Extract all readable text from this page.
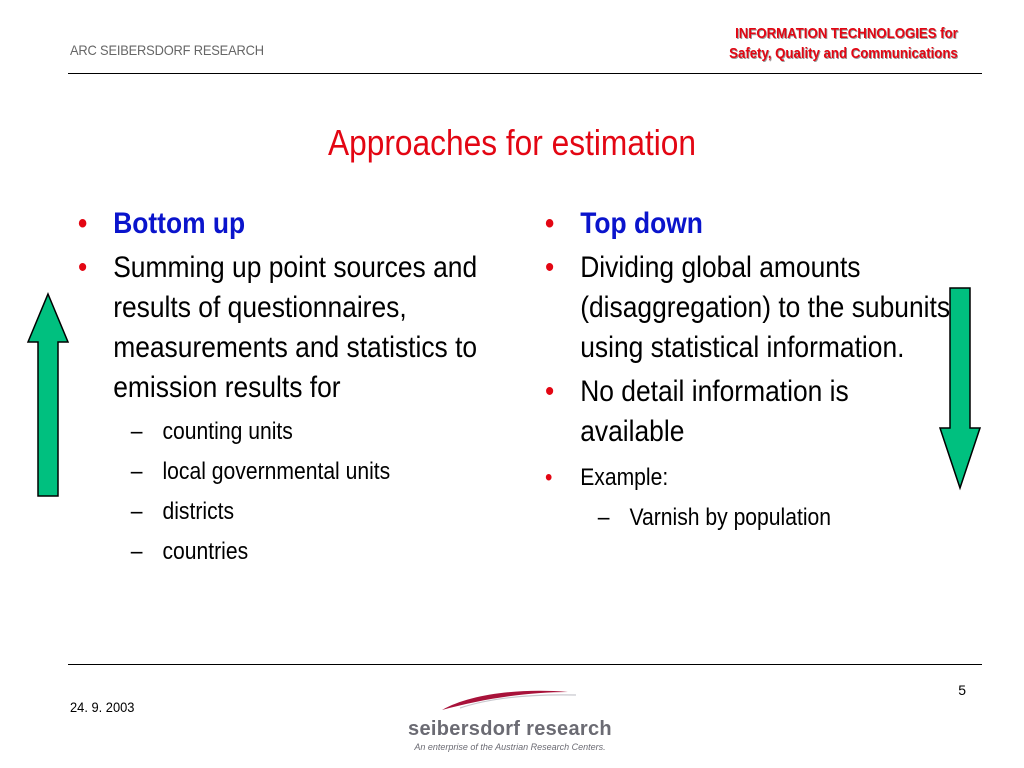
ARC SEIBERSDORF RESEARCH
INFORMATION TECHNOLOGIES for
Safety, Quality and Communications
Approaches for estimation
• Bottom up
• Summing up point sources and results of questionnaires, measurements and statistics to emission results for
– counting units
– local governmental units
– districts
– countries
• Top down
• Dividing global amounts (disaggregation) to the subunits using statistical information.
• No detail information is available
• Example:
– Varnish by population
5
24. 9. 2003
seibersdorf research
An enterprise of the Austrian Research Centers.
